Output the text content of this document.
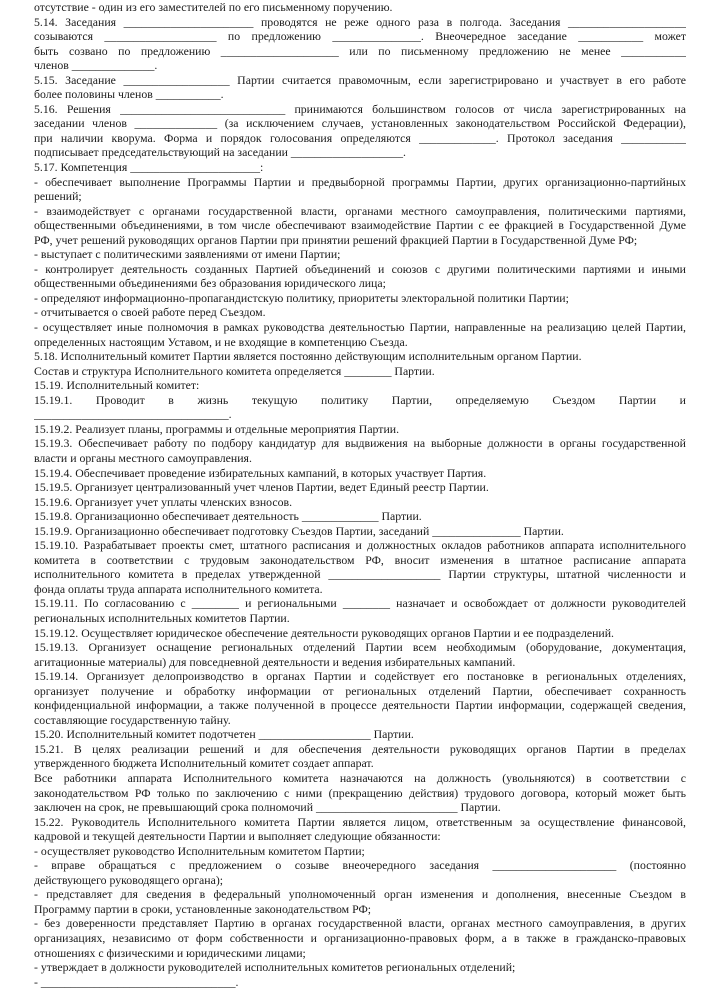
отсутствие - один из его заместителей по его письменному поручению.
5.14. Заседания ______________________ проводятся не реже одного раза в полгода. Заседания ____________________
созываются ___________________ по предложению _______________. Внеочередное заседание ___________ может
быть созвано по предложению ____________________ или по письменному предложению не менее ___________
членов ______________.
5.15. Заседание __________________ Партии считается правомочным, если зарегистрировано и участвует в его работе
более половины членов ___________.
5.16. Решения ____________________________ принимаются большинством голосов от числа зарегистрированных на
заседании членов ______________ (за исключением случаев, установленных законодательством Российской Федерации),
при наличии кворума. Форма и порядок голосования определяются _____________. Протокол заседания ___________
подписывает председательствующий на заседании ___________________.
5.17. Компетенция ______________________:
- обеспечивает выполнение Программы Партии и предвыборной программы Партии, других организационно-партийных
решений;
- взаимодействует с органами государственной власти, органами местного самоуправления, политическими партиями,
общественными объединениями, в том числе обеспечивают взаимодействие Партии с ее фракцией в Государственной Думе
РФ, учет решений руководящих органов Партии при принятии решений фракцией Партии в Государственной Думе РФ;
- выступает с политическими заявлениями от имени Партии;
- контролирует деятельность созданных Партией объединений и союзов с другими политическими партиями и иными
общественными объединениями без образования юридического лица;
- определяют информационно-пропагандистскую политику, приоритеты электоральной политики Партии;
- отчитывается о своей работе перед Съездом.
- осуществляет иные полномочия в рамках руководства деятельностью Партии, направленные на реализацию целей Партии,
определенных настоящим Уставом, и не входящие в компетенцию Съезда.
5.18. Исполнительный комитет Партии является постоянно действующим исполнительным органом Партии.
Состав и структура Исполнительного комитета определяется ________ Партии.
15.19. Исполнительный комитет:
15.19.1. Проводит в жизнь текущую политику Партии, определяемую Съездом Партии и
_________________________________.
15.19.2. Реализует планы, программы и отдельные мероприятия Партии.
15.19.3. Обеспечивает работу по подбору кандидатур для выдвижения на выборные должности в органы государственной
власти и органы местного самоуправления.
15.19.4. Обеспечивает проведение избирательных кампаний, в которых участвует Партия.
15.19.5. Организует централизованный учет членов Партии, ведет Единый реестр Партии.
15.19.6. Организует учет уплаты членских взносов.
15.19.8. Организационно обеспечивает деятельность _____________ Партии.
15.19.9. Организационно обеспечивает подготовку Съездов Партии, заседаний _______________ Партии.
15.19.10. Разрабатывает проекты смет, штатного расписания и должностных окладов работников аппарата исполнительного
комитета в соответствии с трудовым законодательством РФ, вносит изменения в штатное расписание аппарата
исполнительного комитета в пределах утвержденной ___________________ Партии структуры, штатной численности и
фонда оплаты труда аппарата исполнительного комитета.
15.19.11. По согласованию с ________ и региональными ________ назначает и освобождает от должности руководителей
региональных исполнительных комитетов Партии.
15.19.12. Осуществляет юридическое обеспечение деятельности руководящих органов Партии и ее подразделений.
15.19.13. Организует оснащение региональных отделений Партии всем необходимым (оборудование, документация,
агитационные материалы) для повседневной деятельности и ведения избирательных кампаний.
15.19.14. Организует делопроизводство в органах Партии и содействует его постановке в региональных отделениях,
организует получение и обработку информации от региональных отделений Партии, обеспечивает сохранность
конфиденциальной информации, а также полученной в процессе деятельности Партии информации, содержащей сведения,
составляющие государственную тайну.
15.20. Исполнительный комитет подотчетен ___________________ Партии.
15.21. В целях реализации решений и для обеспечения деятельности руководящих органов Партии в пределах
утвержденного бюджета Исполнительный комитет создает аппарат.
Все работники аппарата Исполнительного комитета назначаются на должность (увольняются) в соответствии с
законодательством РФ только по заключению с ними (прекращению действия) трудового договора, который может быть
заключен на срок, не превышающий срока полномочий ________________________ Партии.
15.22. Руководитель Исполнительного комитета Партии является лицом, ответственным за осуществление финансовой,
кадровой и текущей деятельности Партии и выполняет следующие обязанности:
- осуществляет руководство Исполнительным комитетом Партии;
- вправе обращаться с предложением о созыве внеочередного заседания _____________________ (постоянно
действующего руководящего органа);
- представляет для сведения в федеральный уполномоченный орган изменения и дополнения, внесенные Съездом в
Программу партии в сроки, установленные законодательством РФ;
- без доверенности представляет Партию в органах государственной власти, органах местного самоуправления, в других
организациях, независимо от форм собственности и организационно-правовых форм, а в также в гражданско-правовых
отношениях с физическими и юридическими лицами;
- утверждает в должности руководителей исполнительных комитетов региональных отделений;
- _________________________________.
